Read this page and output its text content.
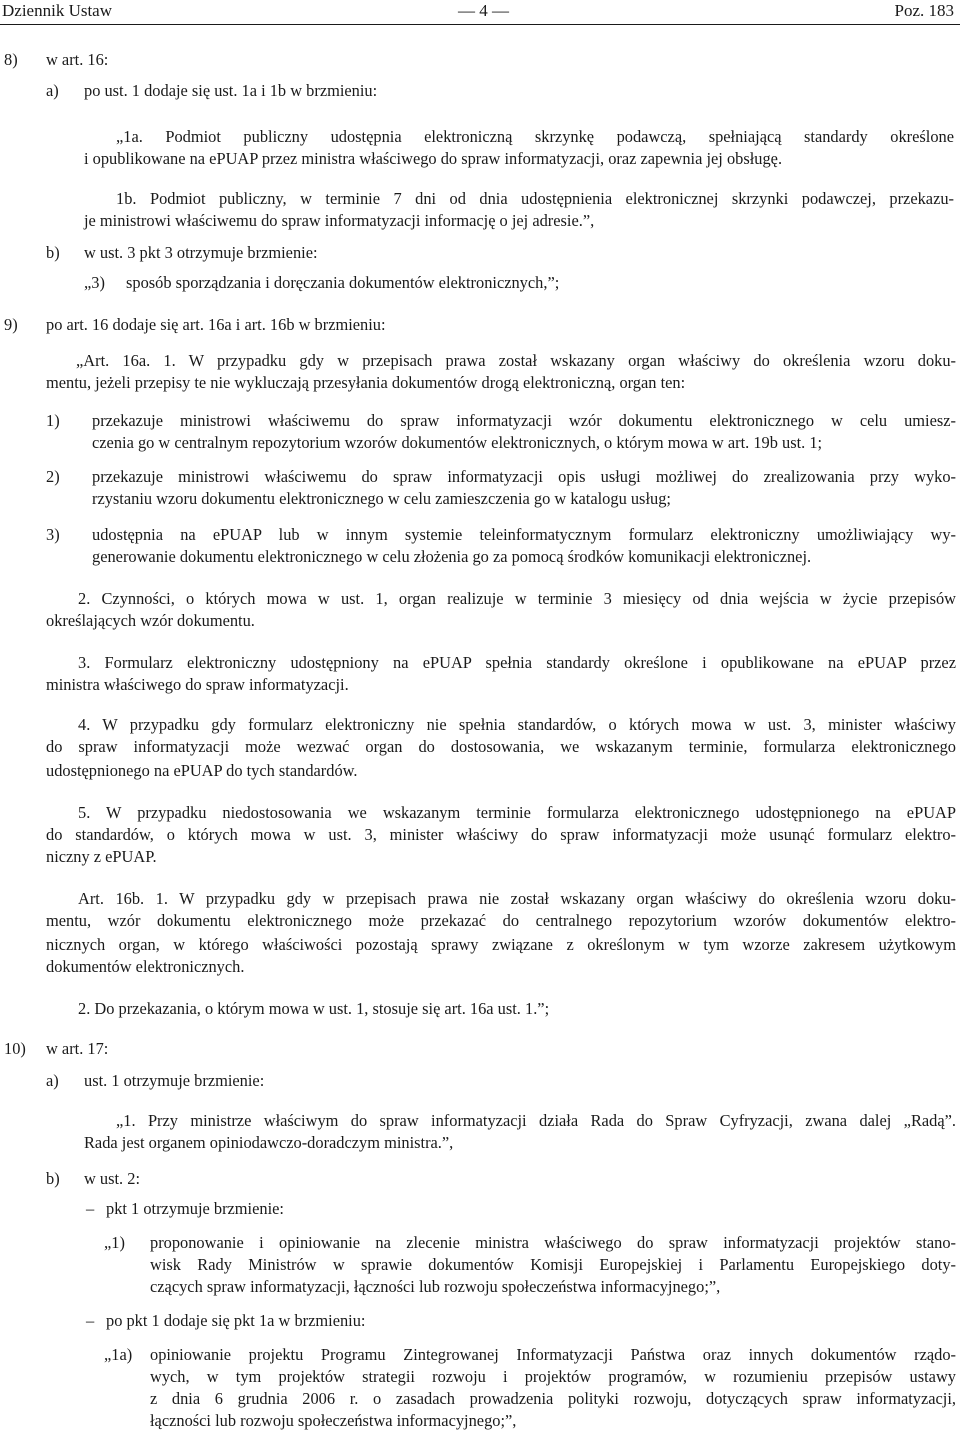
Dziennik Ustaw	— 4 —	Poz. 183
8) w art. 16:
a) po ust. 1 dodaje się ust. 1a i 1b w brzmieniu:
„1a. Podmiot publiczny udostępnia elektroniczną skrzynkę podawczą, spełniającą standardy określone
i opublikowane na ePUAP przez ministra właściwego do spraw informatyzacji, oraz zapewnia jej obsługę.
1b. Podmiot publiczny, w terminie 7 dni od dnia udostępnienia elektronicznej skrzynki podawczej, przekazu-
je ministrowi właściwemu do spraw informatyzacji informację o jej adresie.”,
b) w ust. 3 pkt 3 otrzymuje brzmienie:
„3) sposób sporządzania i doręczania dokumentów elektronicznych,”;
9) po art. 16 dodaje się art. 16a i art. 16b w brzmieniu:
„Art. 16a. 1. W przypadku gdy w przepisach prawa został wskazany organ właściwy do określenia wzoru doku-
mentu, jeżeli przepisy te nie wykluczają przesyłania dokumentów drogą elektroniczną, organ ten:
1) przekazuje ministrowi właściwemu do spraw informatyzacji wzór dokumentu elektronicznego w celu umiesz-
czenia go w centralnym repozytorium wzorów dokumentów elektronicznych, o którym mowa w art. 19b ust. 1;
2) przekazuje ministrowi właściwemu do spraw informatyzacji opis usługi możliwej do zrealizowania przy wyko-
rzystaniu wzoru dokumentu elektronicznego w celu zamieszczenia go w katalogu usług;
3) udostępnia na ePUAP lub w innym systemie teleinformatycznym formularz elektroniczny umożliwiający wy-
generowanie dokumentu elektronicznego w celu złożenia go za pomocą środków komunikacji elektronicznej.
2. Czynności, o których mowa w ust. 1, organ realizuje w terminie 3 miesięcy od dnia wejścia w życie przepisów
określających wzór dokumentu.
3. Formularz elektroniczny udostępniony na ePUAP spełnia standardy określone i opublikowane na ePUAP przez
ministra właściwego do spraw informatyzacji.
4. W przypadku gdy formularz elektroniczny nie spełnia standardów, o których mowa w ust. 3, minister właściwy
do spraw informatyzacji może wezwać organ do dostosowania, we wskazanym terminie, formularza elektronicznego
udostępnionego na ePUAP do tych standardów.
5. W przypadku niedostosowania we wskazanym terminie formularza elektronicznego udostępnionego na ePUAP
do standardów, o których mowa w ust. 3, minister właściwy do spraw informatyzacji może usunąć formularz elektro-
niczny z ePUAP.
Art. 16b. 1. W przypadku gdy w przepisach prawa nie został wskazany organ właściwy do określenia wzoru doku-
mentu, wzór dokumentu elektronicznego może przekazać do centralnego repozytorium wzorów dokumentów elektro-
nicznych organ, w którego właściwości pozostają sprawy związane z określonym w tym wzorze zakresem użytkowym
dokumentów elektronicznych.
2. Do przekazania, o którym mowa w ust. 1, stosuje się art. 16a ust. 1.”;
10) w art. 17:
a) ust. 1 otrzymuje brzmienie:
„1. Przy ministrze właściwym do spraw informatyzacji działa Rada do Spraw Cyfryzacji, zwana dalej „Radą”.
Rada jest organem opiniodawczo-doradczym ministra.”,
b) w ust. 2:
– pkt 1 otrzymuje brzmienie:
„1) proponowanie i opiniowanie na zlecenie ministra właściwego do spraw informatyzacji projektów stano-
wisk Rady Ministrów w sprawie dokumentów Komisji Europejskiej i Parlamentu Europejskiego doty-
czących spraw informatyzacji, łączności lub rozwoju społeczeństwa informacyjnego;”,
– po pkt 1 dodaje się pkt 1a w brzmieniu:
„1a) opiniowanie projektu Programu Zintegrowanej Informatyzacji Państwa oraz innych dokumentów rządo-
wych, w tym projektów strategii rozwoju i projektów programów, w rozumieniu przepisów ustawy
z dnia 6 grudnia 2006 r. o zasadach prowadzenia polityki rozwoju, dotyczących spraw informatyzacji,
łączności lub rozwoju społeczeństwa informacyjnego;”,
